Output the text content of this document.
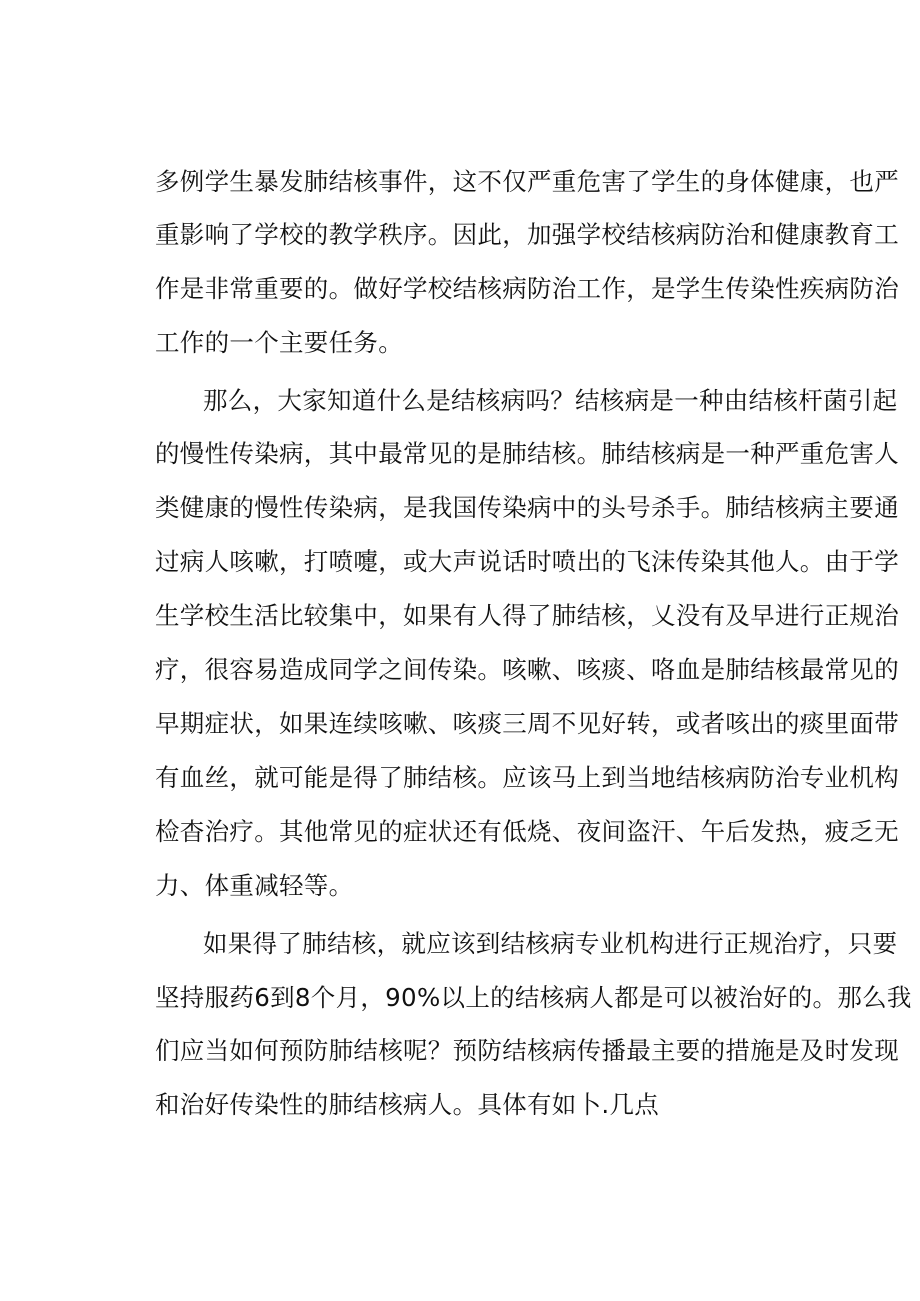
多例学生暴发肺结核事件，这不仅严重危害了学生的身体健康，也严
重影响了学校的教学秩序。因此，加强学校结核病防治和健康教育工
作是非常重要的。做好学校结核病防治工作，是学生传染性疾病防治
工作的一个主要任务。
那么，大家知道什么是结核病吗？结核病是一种由结核杆菌引起
的慢性传染病，其中最常见的是肺结核。肺结核病是一种严重危害人
类健康的慢性传染病，是我国传染病中的头号杀手。肺结核病主要通
过病人咳嗽，打喷嚏，或大声说话时喷出的飞沫传染其他人。由于学
生学校生活比较集中，如果有人得了肺结核，乂没有及早进行正规治
疗，很容易造成同学之间传染。咳嗽、咳痰、咯血是肺结核最常见的
早期症状，如果连续咳嗽、咳痰三周不见好转，或者咳出的痰里面带
有血丝，就可能是得了肺结核。应该马上到当地结核病防治专业机构
检杳治疗。其他常见的症状还有低烧、夜间盗汗、午后发热，疲乏无
力、体重减轻等。
如果得了肺结核，就应该到结核病专业机构进行正规治疗，只要
坚持服药6到8个月，90%以上的结核病人都是可以被治好的。那么我
们应当如何预防肺结核呢？预防结核病传播最主要的措施是及时发现
和治好传染性的肺结核病人。具体有如卜.几点
